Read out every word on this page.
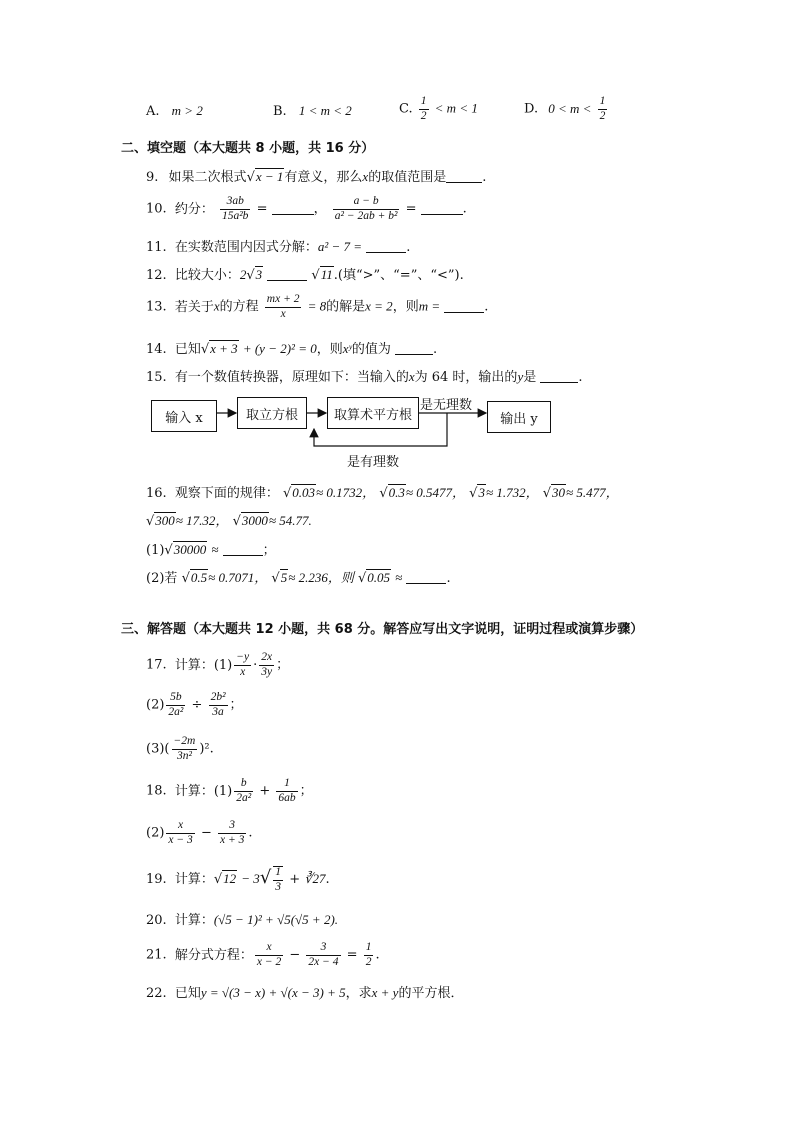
A. m > 2	B. 1 < m < 2	C. $\frac{1}{2} < m < 1$	D. $0 < m < \frac{1}{2}$
二、填空题（本大题共 8 小题，共 16 分）
9. 如果二次根式√x − 1有意义，那么x的取值范围是	.
10. 约分： $\frac{3ab}{\text{15a²b}}$ =	， $\frac{a - b}{\text{a² − 2ab + b²}}$ =	.
11. 在实数范围内因式分解：a² − 7 =	.
12. 比较大小：2√3	√11.(填“>”、“=”、“<”).
13. 若关于x的方程 $\frac{mx + 2}{x} = 8$的解是x = 2，则m =	.
14. 已知√x + 3 + (y − 2)² = 0，则xʸ的值为	.
15. 有一个数值转换器，原理如下：当输入的x为 64 时，输出的y是	.
输入 x	取立方根	取算术平方根	输出 y
是无理数
是有理数
16. 观察下面的规律： √0.03≈ 0.1732， √0.3≈ 0.5477， √3≈ 1.732， √30≈ 5.477，
√300≈ 17.32， √3000≈ 54.77.
(1)√30000 ≈	；
(2)若 √0.5≈ 0.7071， √5≈ 2.236，则 √0.05 ≈	.
三、解答题（本大题共 12 小题，共 68 分。解答应写出文字说明，证明过程或演算步骤）
17. 计算：$(1) \frac{-y}{x} \cdot \frac{2x}{3y}$ ；
$(2) \frac{5b}{\text{2a²}} \div \frac{\text{2b²}}{3a}$ ；
$(3)( \frac{-2m}{\text{3n²}} )^2$.
18. 计算：$(1) \frac{b}{\text{2a²}} + \frac{1}{6ab}$ ；
$(2) \frac{x}{x - 3} - \frac{3}{x + 3}$ .
19. 计算：$√12 - 3√ \frac{1}{3}$ + ∛27.
20. 计算：(√5 − 1)² + √5(√5 + 2).
21. 解分式方程： $\frac{x}{x - 2} - \frac{3}{2x - 4} = \frac{1}{2}$ .
22. 已知y = √(3 − x) + √(x − 3) + 5，求x + y的平方根．
